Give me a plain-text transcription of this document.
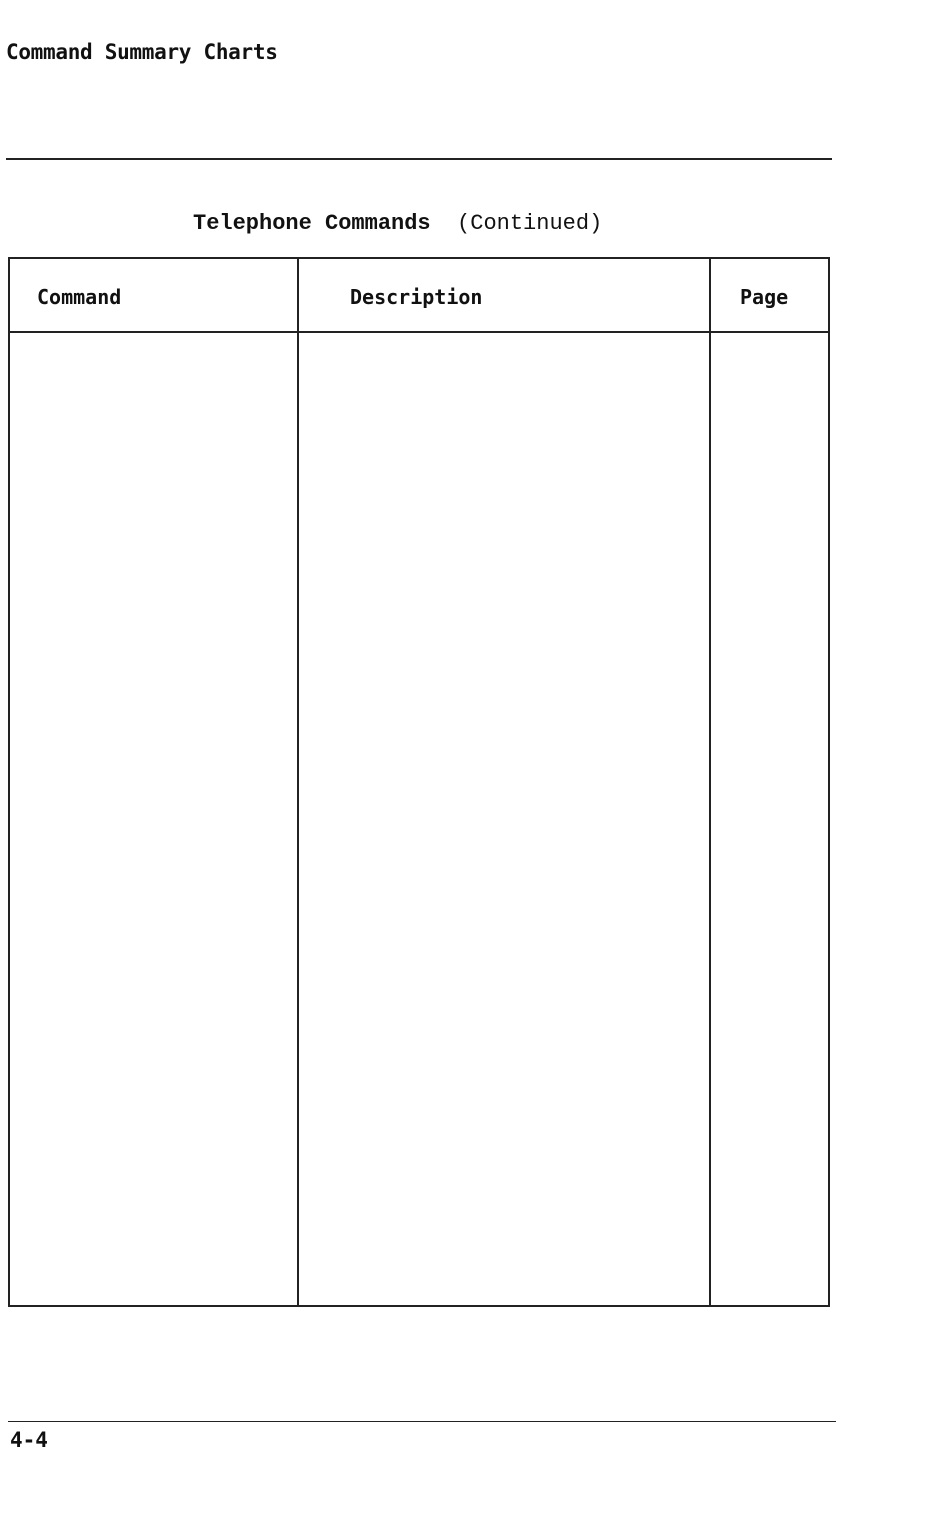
Command Summary Charts
Telephone Commands (Continued)
Command	Description	Page
4-4
